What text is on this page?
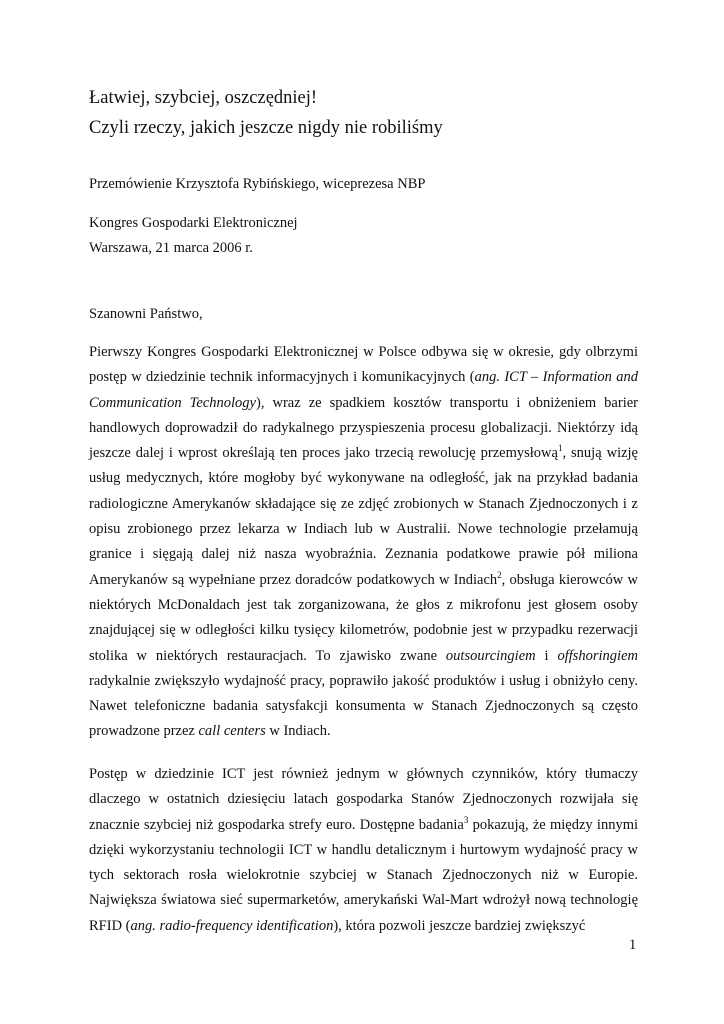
Łatwiej, szybciej, oszczędniej!
Czyli rzeczy, jakich jeszcze nigdy nie robiliśmy
Przemówienie Krzysztofa Rybińskiego, wiceprezesa NBP
Kongres Gospodarki Elektronicznej
Warszawa, 21 marca 2006 r.
Szanowni Państwo,

Pierwszy Kongres Gospodarki Elektronicznej w Polsce odbywa się w okresie, gdy olbrzymi postęp w dziedzinie technik informacyjnych i komunikacyjnych (ang. ICT – Information and Communication Technology), wraz ze spadkiem kosztów transportu i obniżeniem barier handlowych doprowadził do radykalnego przyspieszenia procesu globalizacji. Niektórzy idą jeszcze dalej i wprost określają ten proces jako trzecią rewolucję przemysłową$^1$, snują wizję usług medycznych, które mogłoby być wykonywane na odległość, jak na przykład badania radiologiczne Amerykanów składające się ze zdjęć zrobionych w Stanach Zjednoczonych i z opisu zrobionego przez lekarza w Indiach lub w Australii. Nowe technologie przełamują granice i sięgają dalej niż nasza wyobraźnia. Zeznania podatkowe prawie pół miliona Amerykanów są wypełniane przez doradców podatkowych w Indiach$^2$, obsługa kierowców w niektórych McDonaldach jest tak zorganizowana, że głos z mikrofonu jest głosem osoby znajdującej się w odległości kilku tysięcy kilometrów, podobnie jest w przypadku rezerwacji stolika w niektórych restauracjach. To zjawisko zwane outsourcingiem i offshoringiem radykalnie zwiększyło wydajność pracy, poprawiło jakość produktów i usług i obniżyło ceny. Nawet telefoniczne badania satysfakcji konsumenta w Stanach Zjednoczonych są często prowadzone przez call centers w Indiach.

Postęp w dziedzinie ICT jest również jednym w głównych czynników, który tłumaczy dlaczego w ostatnich dziesięciu latach gospodarka Stanów Zjednoczonych rozwijała się znacznie szybciej niż gospodarka strefy euro. Dostępne badania$^3$ pokazują, że między innymi dzięki wykorzystaniu technologii ICT w handlu detalicznym i hurtowym wydajność pracy w tych sektorach rosła wielokrotnie szybciej w Stanach Zjednoczonych niż w Europie. Największa światowa sieć supermarketów, amerykański Wal-Mart wdrożył nową technologię RFID (ang. radio-frequency identification), która pozwoli jeszcze bardziej zwiększyć

1
